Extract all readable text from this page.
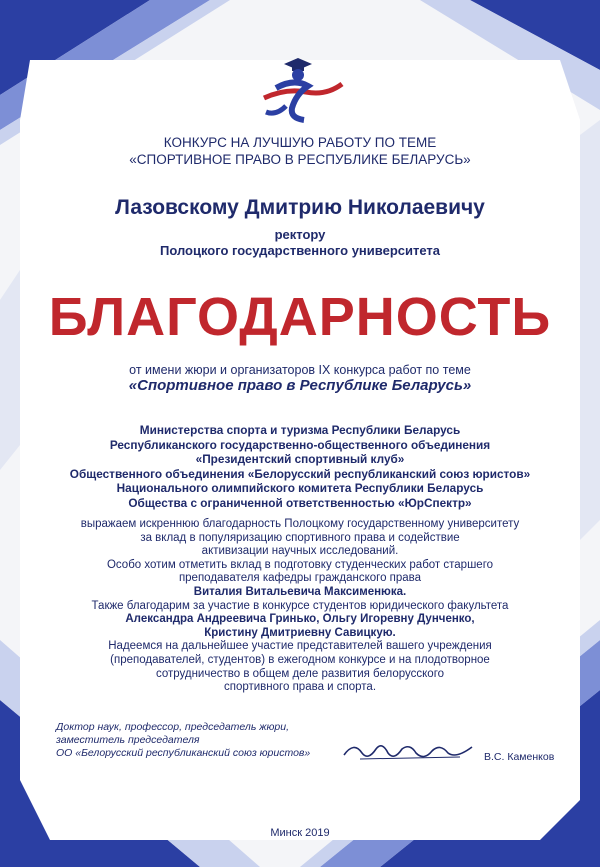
КОНКУРС НА ЛУЧШУЮ РАБОТУ ПО ТЕМЕ
«СПОРТИВНОЕ ПРАВО В РЕСПУБЛИКЕ БЕЛАРУСЬ»
Лазовскому Дмитрию Николаевичу
ректору
Полоцкого государственного университета
БЛАГОДАРНОСТЬ
от имени жюри и организаторов IX конкурса работ по теме
«Спортивное право в Республике Беларусь»
Министерства спорта и туризма Республики Беларусь
Республиканского государственно-общественного объединения
«Президентский спортивный клуб»
Общественного объединения «Белорусский республиканский союз юристов»
Национального олимпийского комитета Республики Беларусь
Общества с ограниченной ответственностью «ЮрСпектр»
выражаем искреннюю благодарность Полоцкому государственному университету
за вклад в популяризацию спортивного права и содействие
активизации научных исследований.
Особо хотим отметить вклад в подготовку студенческих работ старшего
преподавателя кафедры гражданского права
Виталия Витальевича Максименюка.
Также благодарим за участие в конкурсе студентов юридического факультета
Александра Андреевича Гринько, Ольгу Игоревну Дунченко,
Кристину Дмитриевну Савицкую.
Надеемся на дальнейшее участие представителей вашего учреждения
(преподавателей, студентов) в ежегодном конкурсе и на плодотворное
сотрудничество в общем деле развития белорусского
спортивного права и спорта.
Доктор наук, профессор, председатель жюри,
заместитель председателя
ОО «Белорусский республиканский союз юристов»	В.С. Каменков
Минск 2019
